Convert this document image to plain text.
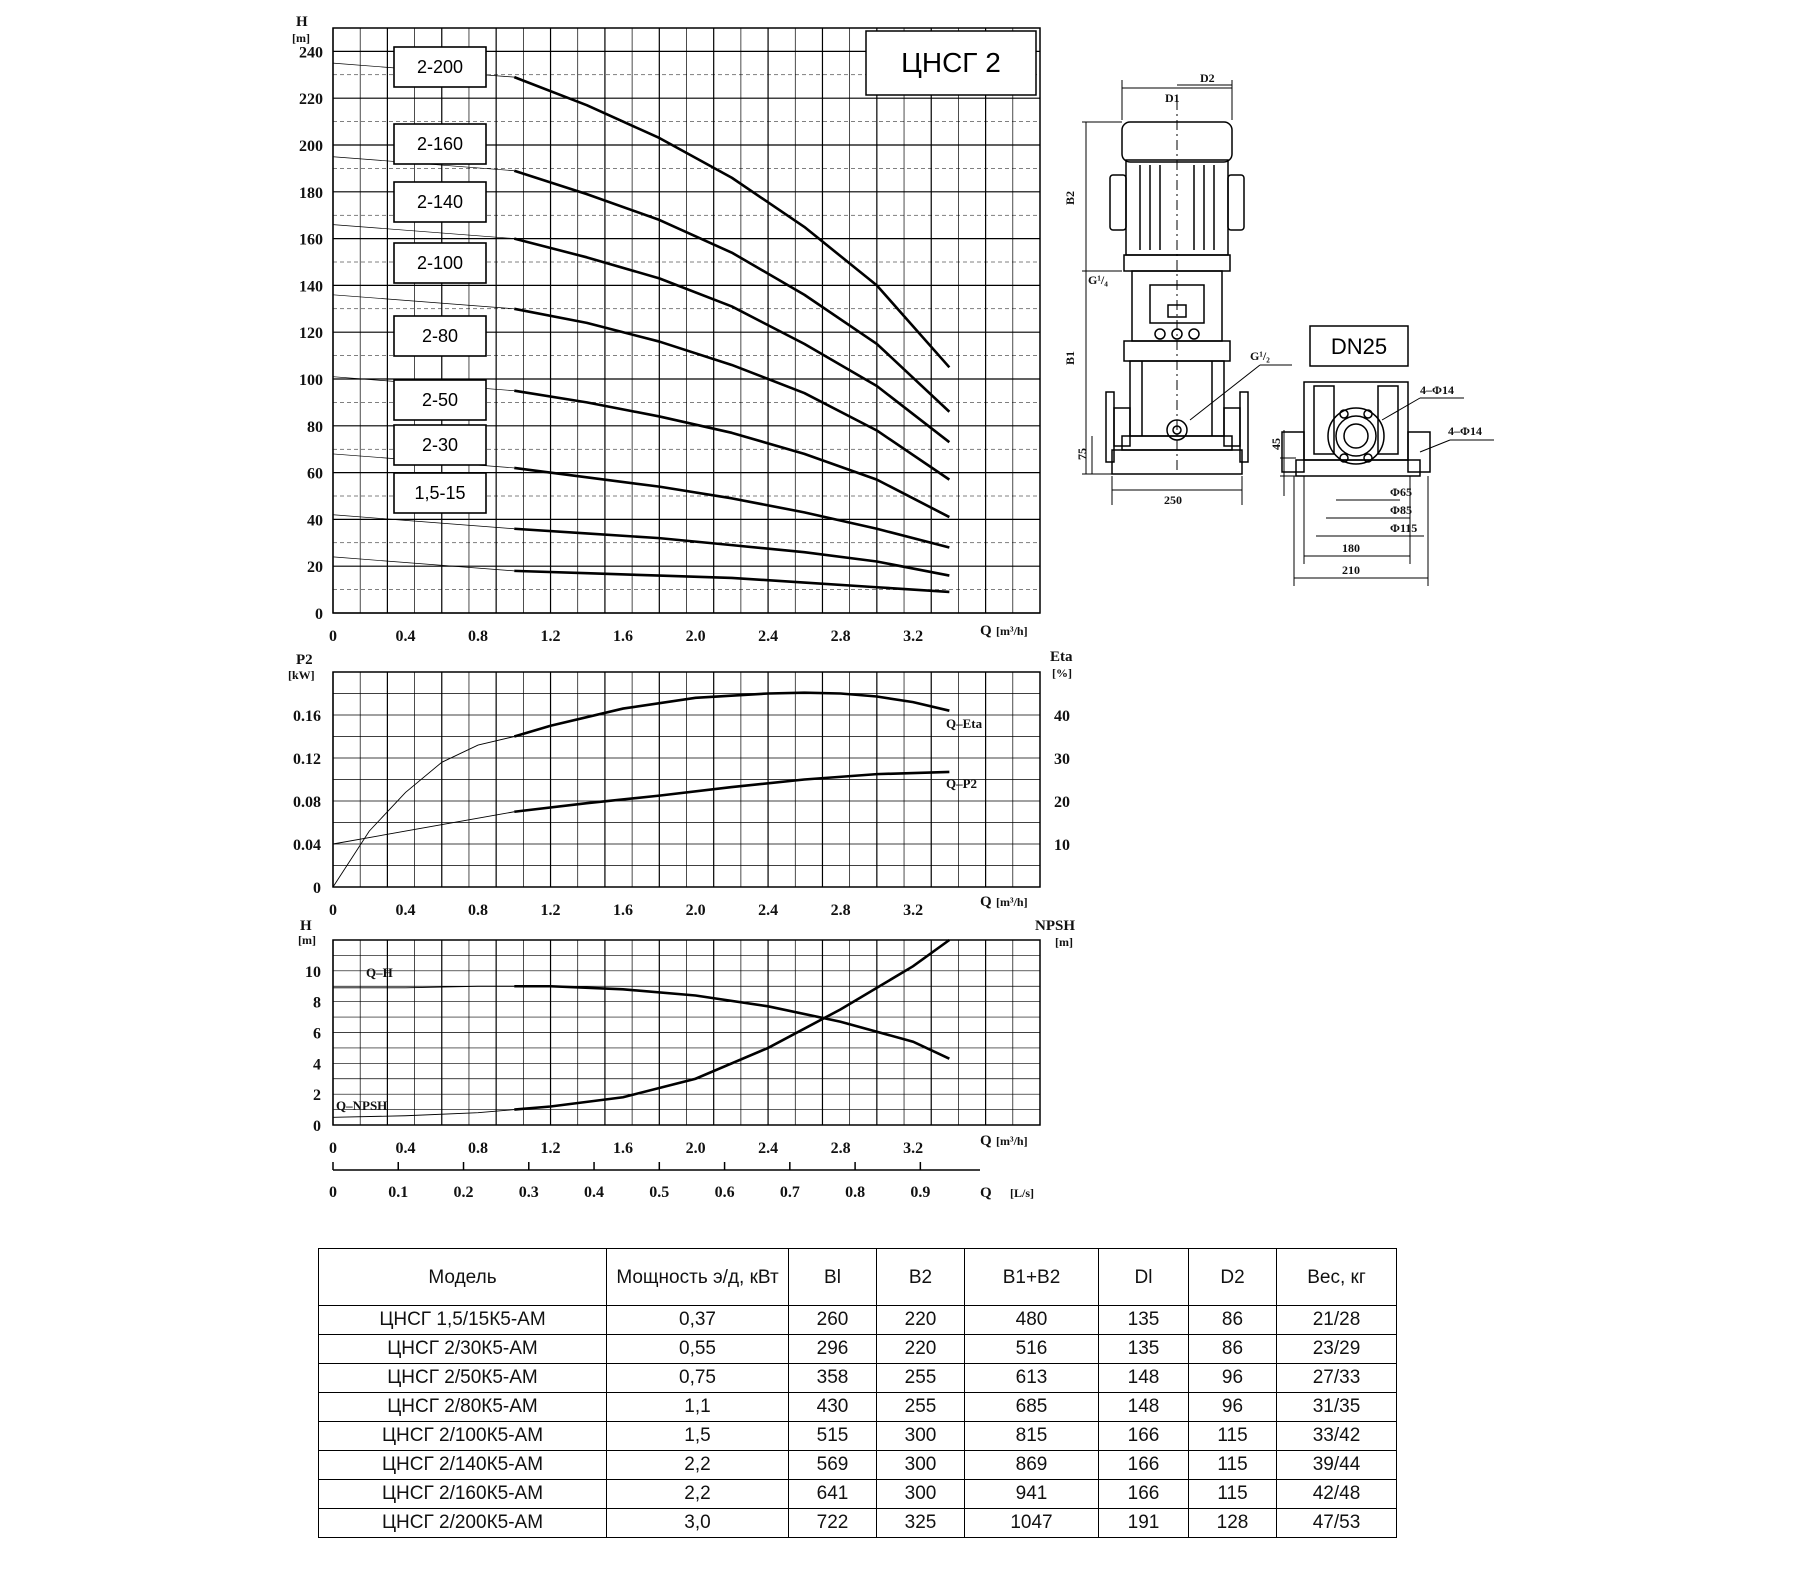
0
20
40
60
80
100
120
140
160
180
200
220
240
0	0.4	0.8	1.2	1.6	2.0	2.4	2.8	3.2
H
[m]
Q [m³/h]
2-200
2-160
2-140
2-100
2-80
2-50
2-30
1,5-15
ЦНСГ 2
0
0.04
0.08
0.12
0.16
10
20
30
40
0	0.4	0.8	1.2	1.6	2.0	2.4	2.8	3.2
P2
[kW]
Eta
[%]
Q [m³/h]
Q–Eta
Q–P2
0
2
4
6
8
10
0	0.4	0.8	1.2	1.6	2.0	2.4	2.8	3.2
H
[m]
NPSH
[m]
Q [m³/h]
Q–H
Q–NPSH
0	0.1	0.2	0.3	0.4	0.5	0.6	0.7	0.8	0.9	Q [L/s]
D1
D2
B2
B1
G¹/₄
G¹/₂
75
250
DN25
4–Φ14
4–Φ14
45
Φ65
Φ85
Φ115
180
210
Модель	Мощность э/д, кВт	Bl	B2	B1+B2	Dl	D2	Вес, кг
ЦНСГ 1,5/15К5-АМ	0,37	260	220	480	135	86	21/28
ЦНСГ 2/30К5-АМ	0,55	296	220	516	135	86	23/29
ЦНСГ 2/50К5-АМ	0,75	358	255	613	148	96	27/33
ЦНСГ 2/80К5-АМ	1,1	430	255	685	148	96	31/35
ЦНСГ 2/100К5-АМ	1,5	515	300	815	166	115	33/42
ЦНСГ 2/140К5-АМ	2,2	569	300	869	166	115	39/44
ЦНСГ 2/160К5-АМ	2,2	641	300	941	166	115	42/48
ЦНСГ 2/200К5-АМ	3,0	722	325	1047	191	128	47/53
